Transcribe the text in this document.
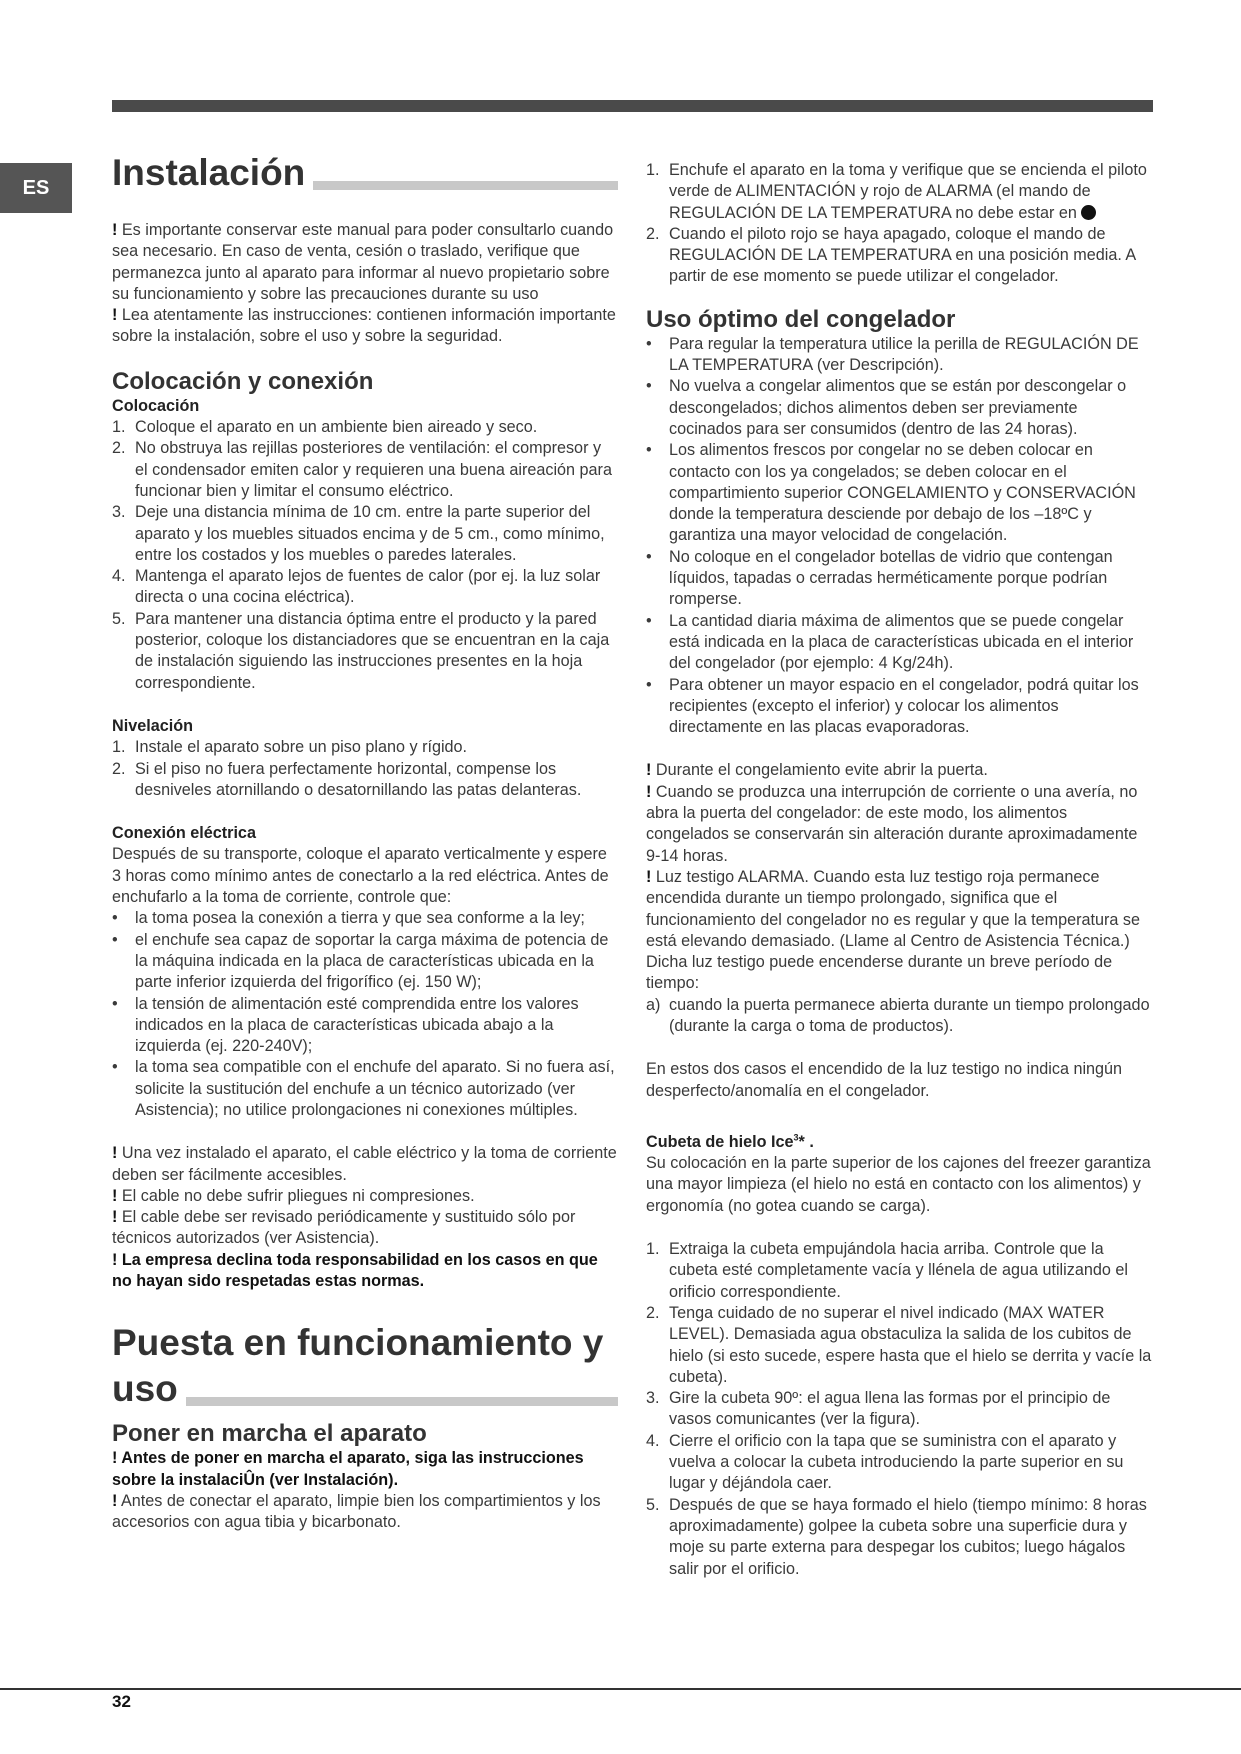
ES	Instalación

! Es importante conservar este manual para poder consultarlo cuando sea necesario. En caso de venta, cesión o traslado, verifique que permanezca junto al aparato para informar al nuevo propietario sobre su funcionamiento y sobre las precauciones durante su uso

! Lea atentamente las instrucciones: contienen información importante sobre la instalación, sobre el uso y sobre la seguridad.

Colocación y conexión

Colocación

1. Coloque el aparato en un ambiente bien aireado y seco.
2. No obstruya las rejillas posteriores de ventilación: el compresor y el condensador emiten calor y requieren una buena aireación para funcionar bien y limitar el consumo eléctrico.
3. Deje una distancia mínima de 10 cm. entre la parte superior del aparato y los muebles situados encima y de 5 cm., como mínimo, entre los costados y los muebles o paredes laterales.
4. Mantenga el aparato lejos de fuentes de calor (por ej. la luz solar directa o una cocina eléctrica).
5. Para mantener una distancia óptima entre el producto y la pared posterior, coloque los distanciadores que se encuentran en la caja de instalación siguiendo las instrucciones presentes en la hoja correspondiente.

Nivelación

1. Instale el aparato sobre un piso plano y rígido.
2. Si el piso no fuera perfectamente horizontal, compense los desniveles atornillando o desatornillando las patas delanteras.

Conexión eléctrica

Después de su transporte, coloque el aparato verticalmente y espere 3 horas como mínimo antes de conectarlo a la red eléctrica. Antes de enchufarlo a la toma de corriente, controle que:

• la toma posea la conexión a tierra y que sea conforme a la ley;
• el enchufe sea capaz de soportar la carga máxima de potencia de la máquina indicada en la placa de características ubicada en la parte inferior izquierda del frigorífico (ej. 150 W);
• la tensión de alimentación esté comprendida entre los valores indicados en la placa de características ubicada abajo a la izquierda (ej. 220-240V);
• la toma sea compatible con el enchufe del aparato. Si no fuera así, solicite la sustitución del enchufe a un técnico autorizado (ver Asistencia); no utilice prolongaciones ni conexiones múltiples.

! Una vez instalado el aparato, el cable eléctrico y la toma de corriente deben ser fácilmente accesibles.

! El cable no debe sufrir pliegues ni compresiones.

! El cable debe ser revisado periódicamente y sustituido sólo por técnicos autorizados (ver Asistencia).

! La empresa declina toda responsabilidad en los casos en que no hayan sido respetadas estas normas.

Puesta en funcionamiento y
uso

Poner en marcha el aparato

! Antes de poner en marcha el aparato, siga las instrucciones sobre la instalaciÛn (ver Instalación).

! Antes de conectar el aparato, limpie bien los compartimientos y los accesorios con agua tibia y bicarbonato.

1. Enchufe el aparato en la toma y verifique que se encienda el piloto verde de ALIMENTACIÓN y rojo de ALARMA (el mando de REGULACIÓN DE LA TEMPERATURA no debe estar en
2. Cuando el piloto rojo se haya apagado, coloque el mando de REGULACIÓN DE LA TEMPERATURA en una posición media. A partir de ese momento se puede utilizar el congelador.

Uso óptimo del congelador

• Para regular la temperatura utilice la perilla de REGULACIÓN DE LA TEMPERATURA (ver Descripción).
• No vuelva a congelar alimentos que se están por descongelar o descongelados; dichos alimentos deben ser previamente cocinados para ser consumidos (dentro de las 24 horas).
• Los alimentos frescos por congelar no se deben colocar en contacto con los ya congelados; se deben colocar en el compartimiento superior CONGELAMIENTO y CONSERVACIÓN donde la temperatura desciende por debajo de los –18ºC y garantiza una mayor velocidad de congelación.
• No coloque en el congelador botellas de vidrio que contengan líquidos, tapadas o cerradas herméticamente porque podrían romperse.
• La cantidad diaria máxima de alimentos que se puede congelar está indicada en la placa de características ubicada en el interior del congelador (por ejemplo: 4 Kg/24h).
• Para obtener un mayor espacio en el congelador, podrá quitar los recipientes (excepto el inferior) y colocar los alimentos directamente en las placas evaporadoras.

! Durante el congelamiento evite abrir la puerta.

! Cuando se produzca una interrupción de corriente o una avería, no abra la puerta del congelador: de este modo, los alimentos congelados se conservarán sin alteración durante aproximadamente 9-14 horas.

! Luz testigo ALARMA. Cuando esta luz testigo roja permanece encendida durante un tiempo prolongado, significa que el funcionamiento del congelador no es regular y que la temperatura se está elevando demasiado. (Llame al Centro de Asistencia Técnica.)

Dicha luz testigo puede encenderse durante un breve período de tiempo:

a) cuando la puerta permanece abierta durante un tiempo prolongado (durante la carga o toma de productos).

En estos dos casos el encendido de la luz testigo no indica ningún desperfecto/anomalía en el congelador.

Cubeta de hielo Ice$^3$* .

Su colocación en la parte superior de los cajones del freezer garantiza una mayor limpieza (el hielo no está en contacto con los alimentos) y ergonomía (no gotea cuando se carga).

1. Extraiga la cubeta empujándola hacia arriba. Controle que la cubeta esté completamente vacía y llénela de agua utilizando el orificio correspondiente.
2. Tenga cuidado de no superar el nivel indicado (MAX WATER LEVEL). Demasiada agua obstaculiza la salida de los cubitos de hielo (si esto sucede, espere hasta que el hielo se derrita y vacíe la cubeta).
3. Gire la cubeta 90º: el agua llena las formas por el principio de vasos comunicantes (ver la figura).
4. Cierre el orificio con la tapa que se suministra con el aparato y vuelva a colocar la cubeta introduciendo la parte superior en su lugar y déjándola caer.
5. Después de que se haya formado el hielo (tiempo mínimo: 8 horas aproximadamente) golpee la cubeta sobre una superficie dura y moje su parte externa para despegar los cubitos; luego hágalos salir por el orificio.
32
